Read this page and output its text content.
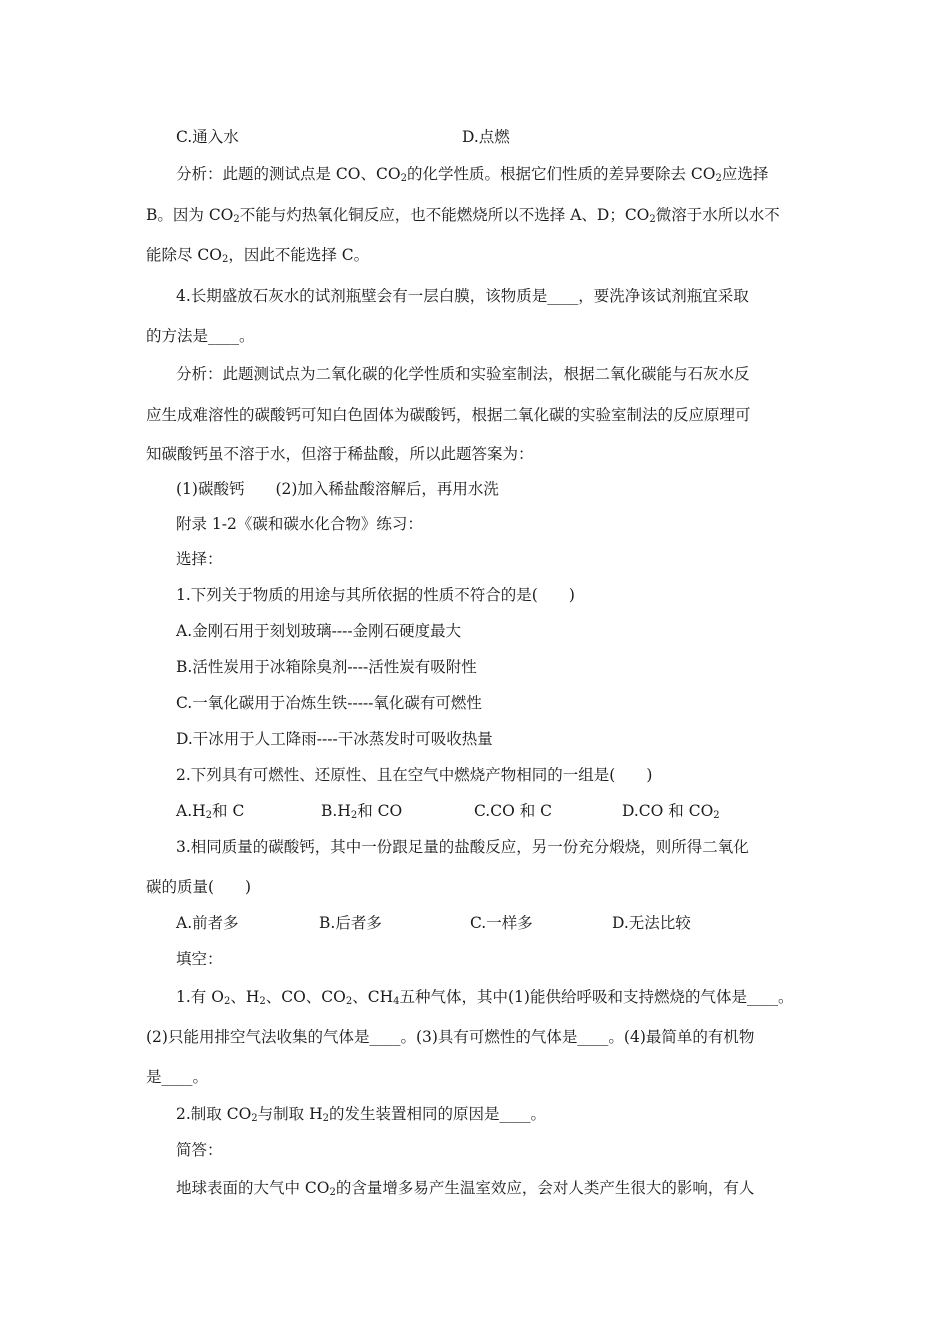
C.通入水	D.点燃
分析：此题的测试点是 CO、$CO_2$的化学性质。根据它们性质的差异要除去 $CO_2$应选择
B。因为 $CO_2$不能与灼热氧化铜反应，也不能燃烧所以不选择 A、D；$CO_2$微溶于水所以水不
能除尽 $CO_2$，因此不能选择 C。
4.长期盛放石灰水的试剂瓶壁会有一层白膜，该物质是____，要洗净该试剂瓶宜采取
的方法是____。
分析：此题测试点为二氧化碳的化学性质和实验室制法，根据二氧化碳能与石灰水反
应生成难溶性的碳酸钙可知白色固体为碳酸钙，根据二氧化碳的实验室制法的反应原理可
知碳酸钙虽不溶于水，但溶于稀盐酸，所以此题答案为：
(1)碳酸钙　　(2)加入稀盐酸溶解后，再用水洗
附录 1-2《碳和碳水化合物》练习：
选择：
1.下列关于物质的用途与其所依据的性质不符合的是(　　)
A.金刚石用于刻划玻璃----金刚石硬度最大
B.活性炭用于冰箱除臭剂----活性炭有吸附性
C.一氧化碳用于冶炼生铁-----氧化碳有可燃性
D.干冰用于人工降雨----干冰蒸发时可吸收热量
2.下列具有可燃性、还原性、且在空气中燃烧产物相同的一组是(　　)
$A.H_2$和 C	$B.H_2$和 CO	C.CO 和 C	D.CO 和 $CO_2$
3.相同质量的碳酸钙，其中一份跟足量的盐酸反应，另一份充分煅烧，则所得二氧化
碳的质量(　　)
A.前者多	B.后者多	C.一样多	D.无法比较
填空：
1.有 $O_2$、$H_2$、CO、$CO_2$、$CH_4$五种气体，其中(1)能供给呼吸和支持燃烧的气体是____。
(2)只能用排空气法收集的气体是____。(3)具有可燃性的气体是____。(4)最简单的有机物
是____。
2.制取 $CO_2$与制取 $H_2$的发生装置相同的原因是____。
简答：
地球表面的大气中 $CO_2$的含量增多易产生温室效应，会对人类产生很大的影响，有人
